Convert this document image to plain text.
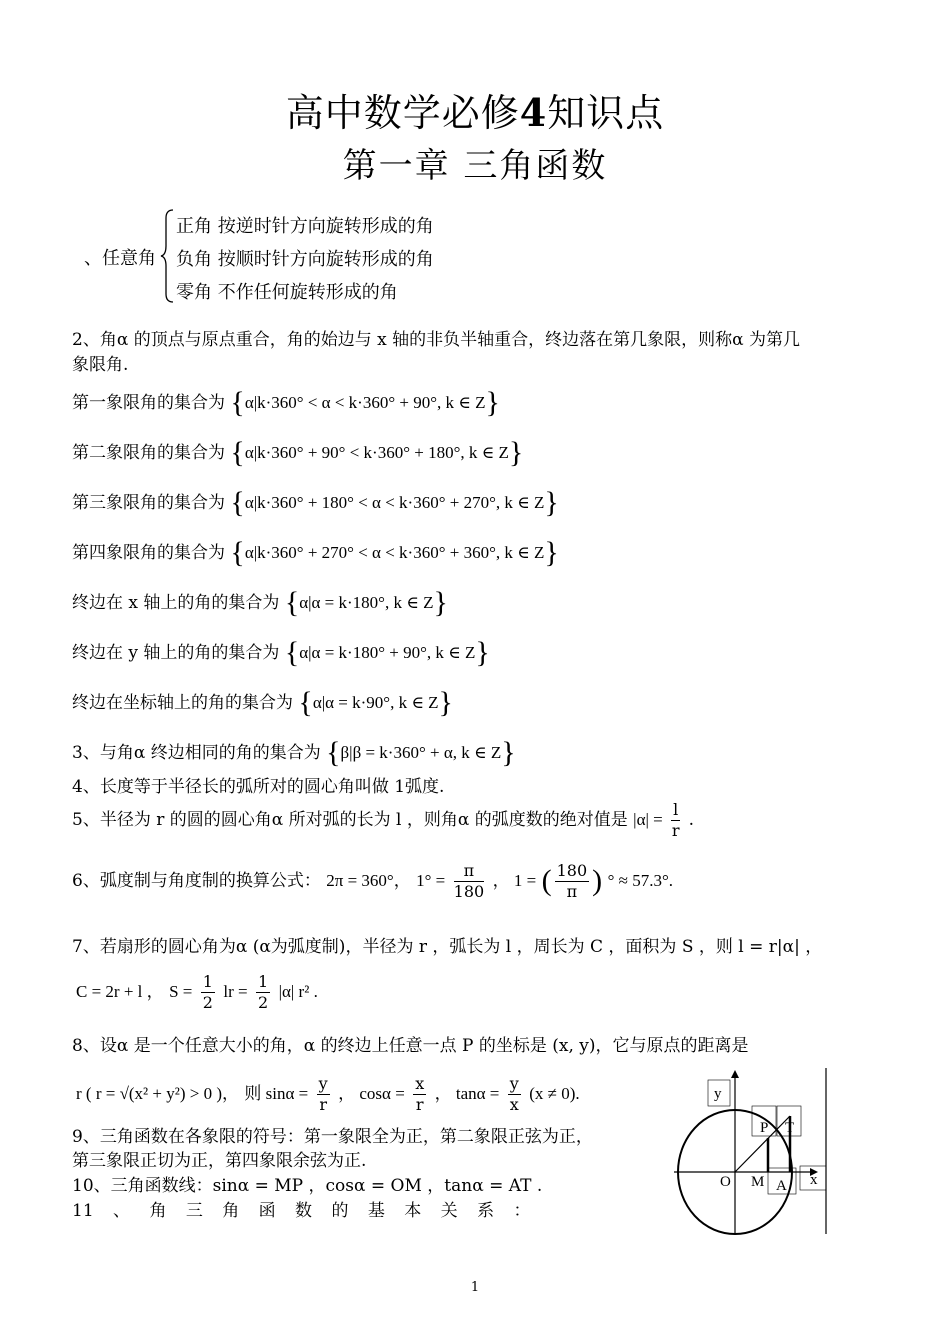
高中数学必修4知识点
第一章 三角函数
、任意角
正角 按逆时针方向旋转形成的角
负角 按顺时针方向旋转形成的角
零角 不作任何旋转形成的角
2、角α 的顶点与原点重合，角的始边与 x 轴的非负半轴重合，终边落在第几象限，则称α 为第几
象限角.
第一象限角的集合为 {α|k·360° < α < k·360° + 90°, k ∈ Z}
第二象限角的集合为 {α|k·360° + 90° < k·360° + 180°, k ∈ Z}
第三象限角的集合为 {α|k·360° + 180° < α < k·360° + 270°, k ∈ Z}
第四象限角的集合为 {α|k·360° + 270° < α < k·360° + 360°, k ∈ Z}
终边在 x 轴上的角的集合为 {α|α = k·180°, k ∈ Z}
终边在 y 轴上的角的集合为 {α|α = k·180° + 90°, k ∈ Z}
终边在坐标轴上的角的集合为 {α|α = k·90°, k ∈ Z}
3、与角α 终边相同的角的集合为 {β|β = k·360° + α, k ∈ Z}
4、长度等于半径长的弧所对的圆心角叫做 1弧度.
5、半径为 r 的圆的圆心角α 所对弧的长为 l ，则角α 的弧度数的绝对值是 $|\alpha| = \frac{l}{r}$ .
6、弧度制与角度制的换算公式： 2π = 360°， $1^\circ = \frac{\pi}{180}$ ， 1 = ( $\frac{180}{\pi}$ ) ° ≈ 57.3°.
7、若扇形的圆心角为α (α为弧度制)，半径为 r ，弧长为 l ，周长为 C ，面积为 S ，则 l = r|α| ，
C = 2r + l ， $S = \frac{1}{2}$ lr = $\frac{1}{2} |\alpha|$ r² .
8、设α 是一个任意大小的角，α 的终边上任意一点 P 的坐标是 (x, y)，它与原点的距离是
r ( r = √(x² + y²) > 0 )， 则 $\sin\alpha = \frac{y}{r}$ ， $\cos\alpha = \frac{x}{r}$ ， $\tan\alpha = \frac{y}{x} (x \ne 0)$.
9、三角函数在各象限的符号：第一象限全为正，第二象限正弦为正，
第三象限正切为正，第四象限余弦为正.
10、三角函数线：sinα = MP ，cosα = OM ，tanα = AT .
11 、 角 三 角 函 数 的 基 本 关 系 ：
y
x
O M A
P T
1
